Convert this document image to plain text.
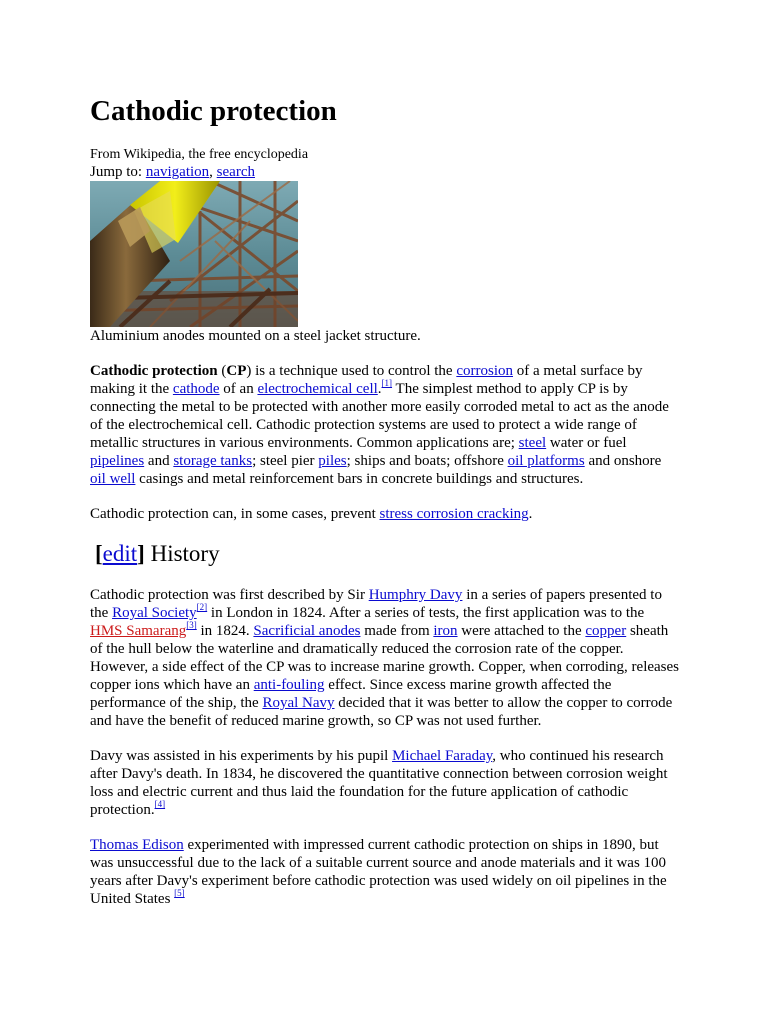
Cathodic protection
From Wikipedia, the free encyclopedia
Jump to: navigation, search
Aluminium anodes mounted on a steel jacket structure.

Cathodic protection (CP) is a technique used to control the corrosion of a metal surface by making it the cathode of an electrochemical cell.[1] The simplest method to apply CP is by connecting the metal to be protected with another more easily corroded metal to act as the anode of the electrochemical cell. Cathodic protection systems are used to protect a wide range of metallic structures in various environments. Common applications are; steel water or fuel pipelines and storage tanks; steel pier piles; ships and boats; offshore oil platforms and onshore oil well casings and metal reinforcement bars in concrete buildings and structures.

Cathodic protection can, in some cases, prevent stress corrosion cracking.

[edit] History

Cathodic protection was first described by Sir Humphry Davy in a series of papers presented to the Royal Society[2] in London in 1824. After a series of tests, the first application was to the HMS Samarang[3] in 1824. Sacrificial anodes made from iron were attached to the copper sheath of the hull below the waterline and dramatically reduced the corrosion rate of the copper. However, a side effect of the CP was to increase marine growth. Copper, when corroding, releases copper ions which have an anti-fouling effect. Since excess marine growth affected the performance of the ship, the Royal Navy decided that it was better to allow the copper to corrode and have the benefit of reduced marine growth, so CP was not used further.

Davy was assisted in his experiments by his pupil Michael Faraday, who continued his research after Davy's death. In 1834, he discovered the quantitative connection between corrosion weight loss and electric current and thus laid the foundation for the future application of cathodic protection.[4]

Thomas Edison experimented with impressed current cathodic protection on ships in 1890, but was unsuccessful due to the lack of a suitable current source and anode materials and it was 100 years after Davy's experiment before cathodic protection was used widely on oil pipelines in the United States [5]
